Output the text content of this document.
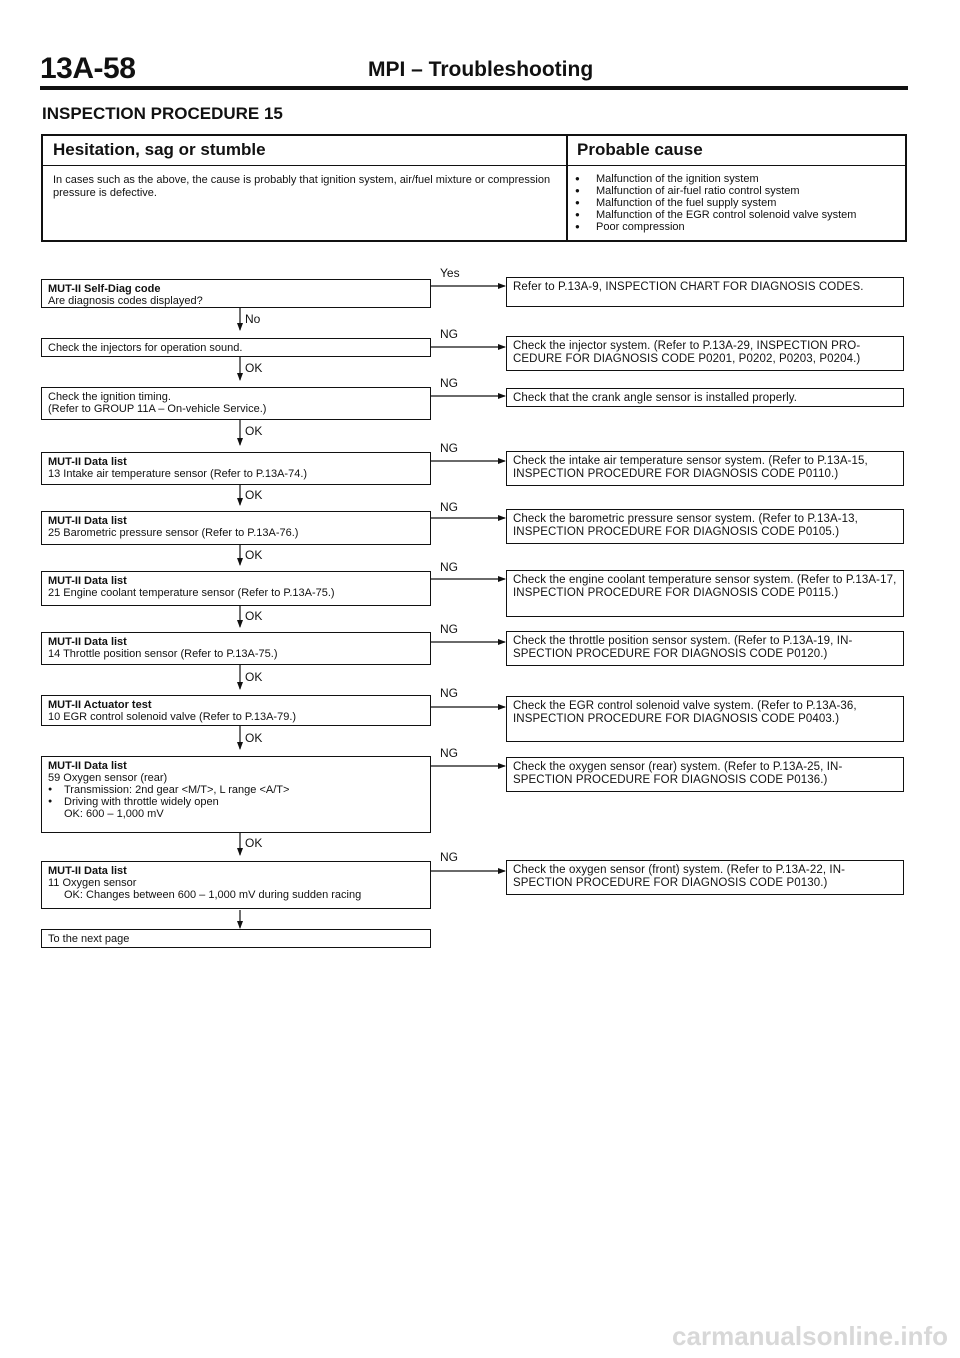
13A-58	MPI – Troubleshooting
INSPECTION PROCEDURE 15
Hesitation, sag or stumble	Probable cause
In cases such as the above, the cause is probably that ignition system, air/fuel mixture or compression pressure is defective.
● Malfunction of the ignition system
● Malfunction of air-fuel ratio control system
● Malfunction of the fuel supply system
● Malfunction of the EGR control solenoid valve system
● Poor compression
MUT-II Self-Diag code
Are diagnosis codes displayed?
Yes
No
Refer to P.13A-9, INSPECTION CHART FOR DIAGNOSIS CODES.
Check the injectors for operation sound.
NG
OK
Check the injector system. (Refer to P.13A-29, INSPECTION PRO-CEDURE FOR DIAGNOSIS CODE P0201, P0202, P0203, P0204.)
Check the ignition timing.
(Refer to GROUP 11A – On-vehicle Service.)
NG
OK
Check that the crank angle sensor is installed properly.
MUT-II Data list
13 Intake air temperature sensor (Refer to P.13A-74.)
NG
OK
Check the intake air temperature sensor system. (Refer to P.13A-15, INSPECTION PROCEDURE FOR DIAGNOSIS CODE P0110.)
MUT-II Data list
25 Barometric pressure sensor (Refer to P.13A-76.)
NG
OK
Check the barometric pressure sensor system. (Refer to P.13A-13, INSPECTION PROCEDURE FOR DIAGNOSIS CODE P0105.)
MUT-II Data list
21 Engine coolant temperature sensor (Refer to P.13A-75.)
NG
OK
Check the engine coolant temperature sensor system. (Refer to P.13A-17, INSPECTION PROCEDURE FOR DIAGNOSIS CODE P0115.)
MUT-II Data list
14 Throttle position sensor (Refer to P.13A-75.)
NG
OK
Check the throttle position sensor system. (Refer to P.13A-19, IN-SPECTION PROCEDURE FOR DIAGNOSIS CODE P0120.)
MUT-II Actuator test
10 EGR control solenoid valve (Refer to P.13A-79.)
NG
OK
Check the EGR control solenoid valve system. (Refer to P.13A-36, INSPECTION PROCEDURE FOR DIAGNOSIS CODE P0403.)
MUT-II Data list
59 Oxygen sensor (rear)
● Transmission: 2nd gear <M/T>, L range <A/T>
● Driving with throttle widely open
OK: 600 – 1,000 mV
NG
OK
Check the oxygen sensor (rear) system. (Refer to P.13A-25, IN-SPECTION PROCEDURE FOR DIAGNOSIS CODE P0136.)
MUT-II Data list
11 Oxygen sensor
OK: Changes between 600 – 1,000 mV during sudden racing
NG
Check the oxygen sensor (front) system. (Refer to P.13A-22, IN-SPECTION PROCEDURE FOR DIAGNOSIS CODE P0130.)
To the next page
carmanualsonline.info
